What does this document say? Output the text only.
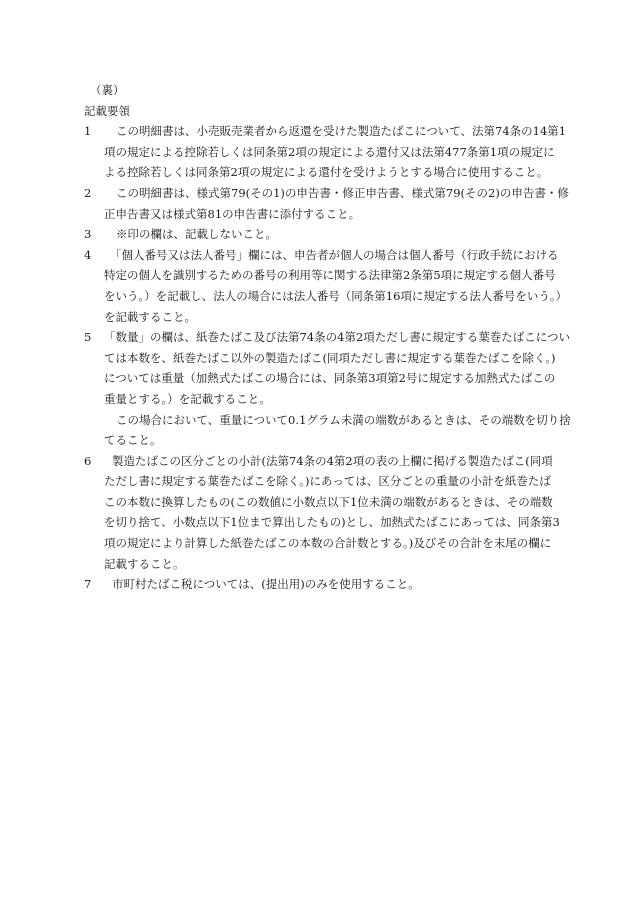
（裏）

記載要領

1	この明細書は、小売販売業者から返還を受けた製造たばこについて、法第74条の14第1
項の規定による控除若しくは同条第2項の規定による還付又は法第477条第1項の規定に
よる控除若しくは同条第2項の規定による還付を受けようとする場合に使用すること。
2	この明細書は、様式第79(その1)の申告書・修正申告書、様式第79(その2)の申告書・修
正申告書又は様式第81の申告書に添付すること。
3	※印の欄は、記載しないこと。
4	「個人番号又は法人番号」欄には、申告者が個人の場合は個人番号（行政手続における
特定の個人を識別するための番号の利用等に関する法律第2条第5項に規定する個人番号
をいう。）を記載し、法人の場合には法人番号（同条第16項に規定する法人番号をいう。）
を記載すること。
5 「数量」の欄は、紙巻たばこ及び法第74条の4第2項ただし書に規定する葉巻たばこについ
ては本数を、紙巻たばこ以外の製造たばこ(同項ただし書に規定する葉巻たばこを除く。)
については重量（加熱式たばこの場合には、同条第3項第2号に規定する加熱式たばこの
重量とする。）を記載すること。
この場合において、重量について0.1グラム未満の端数があるときは、その端数を切り捨
てること。
6	製造たばこの区分ごとの小計(法第74条の4第2項の表の上欄に掲げる製造たばこ(同項
ただし書に規定する葉巻たばこを除く。)にあっては、区分ごとの重量の小計を紙巻たば
この本数に換算したもの(この数値に小数点以下1位未満の端数があるときは、その端数
を切り捨て、小数点以下1位まで算出したもの)とし、加熱式たばこにあっては、同条第3
項の規定により計算した紙巻たばこの本数の合計数とする。)及びその合計を末尾の欄に
記載すること。
7	市町村たばこ税については、(提出用)のみを使用すること。
